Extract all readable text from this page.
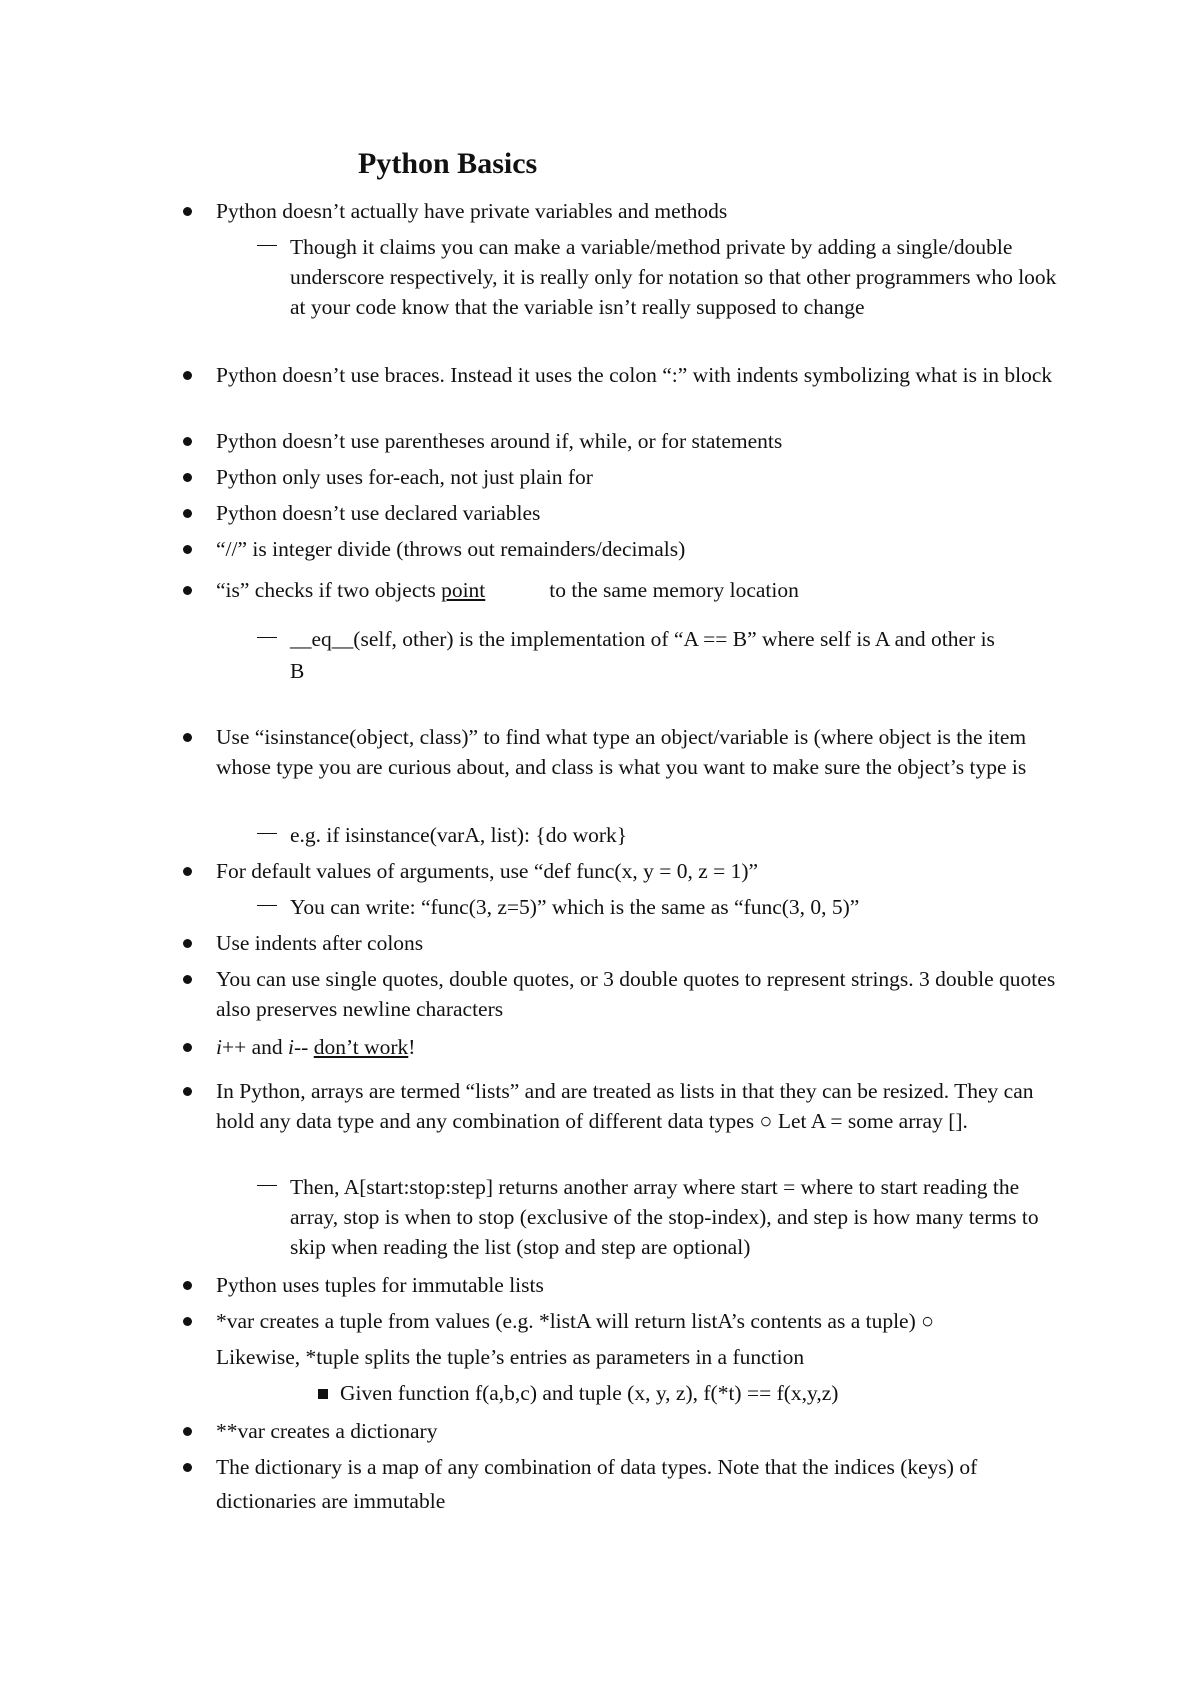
Python Basics
Python doesn’t actually have private variables and methods
Though it claims you can make a variable/method private by adding a single/double underscore respectively, it is really only for notation so that other programmers who look at your code know that the variable isn’t really supposed to change
Python doesn’t use braces. Instead it uses the colon “:” with indents symbolizing what is in block
Python doesn’t use parentheses around if, while, or for statements
Python only uses for-each, not just plain for
Python doesn’t use declared variables
“//” is integer divide (throws out remainders/decimals)
“is” checks if two objects point	to the same memory location
__eq__(self, other) is the implementation of “A == B” where self is A and other is
B
Use “isinstance(object, class)” to find what type an object/variable is (where object is the item whose type you are curious about, and class is what you want to make sure the object’s type is
e.g. if isinstance(varA, list): {do work}
For default values of arguments, use “def func(x, y = 0, z = 1)”
You can write: “func(3, z=5)” which is the same as “func(3, 0, 5)”
Use indents after colons
You can use single quotes, double quotes, or 3 double quotes to represent strings. 3 double quotes also preserves newline characters
i++ and i-- don’t work!
In Python, arrays are termed “lists” and are treated as lists in that they can be resized. They can hold any data type and any combination of different data types ○ Let A = some array [].
Then, A[start:stop:step] returns another array where start = where to start reading the array, stop is when to stop (exclusive of the stop-index), and step is how many terms to skip when reading the list (stop and step are optional)
Python uses tuples for immutable lists
*var creates a tuple from values (e.g. *listA will return listA’s contents as a tuple) ○
Likewise, *tuple splits the tuple’s entries as parameters in a function
Given function f(a,b,c) and tuple (x, y, z), f(*t) == f(x,y,z)
**var creates a dictionary
The dictionary is a map of any combination of data types. Note that the indices (keys) of
dictionaries are immutable
